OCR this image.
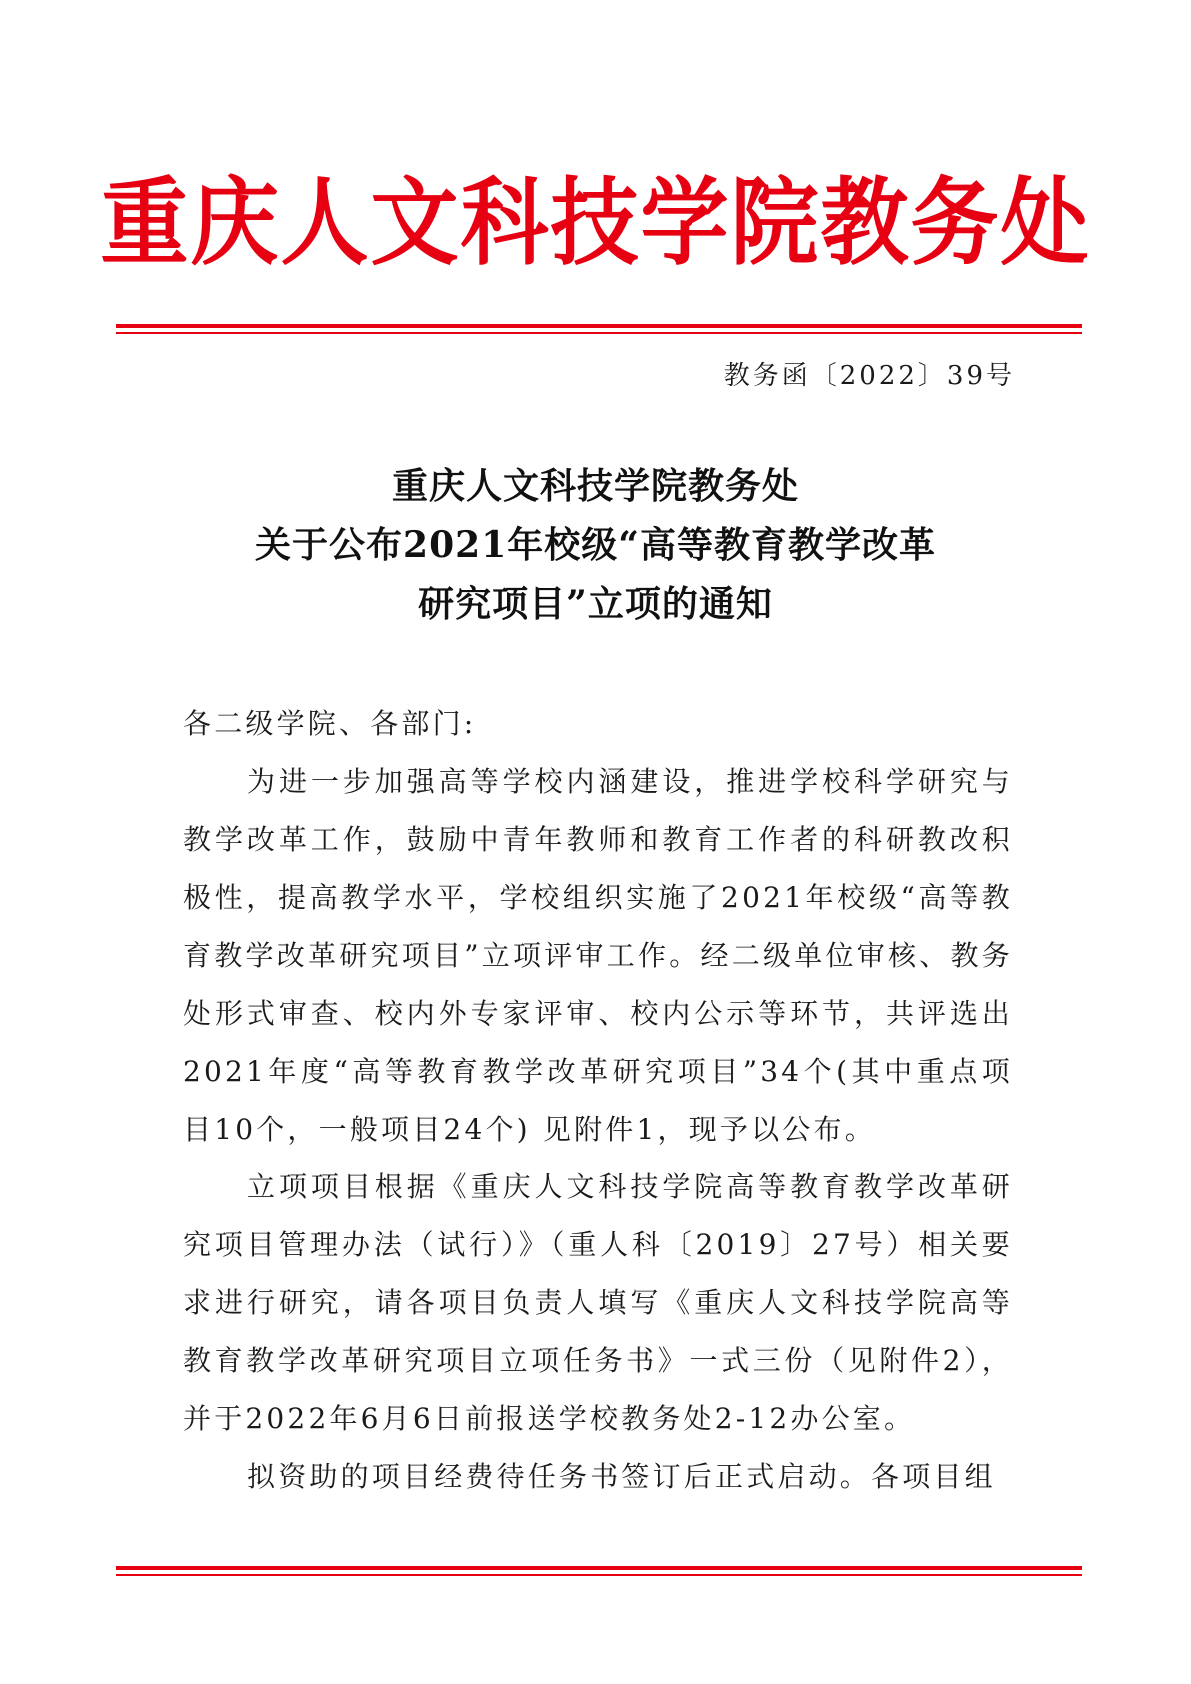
重庆人文科技学院教务处
教务函〔2022〕39号
重庆人文科技学院教务处
关于公布2021年校级“高等教育教学改革
研究项目”立项的通知
各二级学院、各部门:
为进一步加强高等学校内涵建设，推进学校科学研究与教学改革工作，鼓励中青年教师和教育工作者的科研教改积极性，提高教学水平，学校组织实施了2021年校级“高等教育教学改革研究项目”立项评审工作。经二级单位审核、教务处形式审查、校内外专家评审、校内公示等环节，共评选出2021年度“高等教育教学改革研究项目”34个(其中重点项目10个，一般项目24个) 见附件1，现予以公布。
立项项目根据《重庆人文科技学院高等教育教学改革研究项目管理办法（试行）》（重人科〔2019〕27号）相关要求进行研究，请各项目负责人填写《重庆人文科技学院高等教育教学改革研究项目立项任务书》一式三份（见附件2），并于2022年6月6日前报送学校教务处2-12办公室。
拟资助的项目经费待任务书签订后正式启动。各项目组
